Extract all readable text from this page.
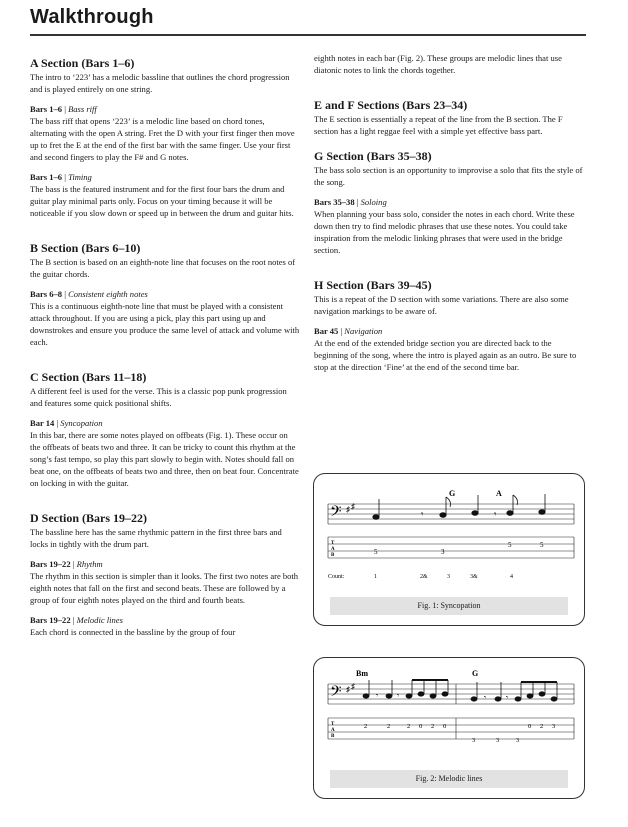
Walkthrough

A Section (Bars 1–6)

The intro to ‘223’ has a melodic bassline that outlines the chord progression and is played entirely on one string.

Bars 1–6 | Bass riff

The bass riff that opens ‘223’ is a melodic line based on chord tones, alternating with the open A string. Fret the D with your first finger then move up to fret the E at the end of the first bar with the same finger. Use your first and second fingers to play the F# and G notes.

Bars 1–6 | Timing

The bass is the featured instrument and for the first four bars the drum and guitar play minimal parts only. Focus on your timing because it will be noticeable if you slow down or speed up in between the drum and guitar hits.

B Section (Bars 6–10)

The B section is based on an eighth-note line that focuses on the root notes of the guitar chords.

Bars 6–8 | Consistent eighth notes

This is a continuous eighth-note line that must be played with a consistent attack throughout. If you are using a pick, play this part using up and downstrokes and ensure you produce the same level of attack and volume with each.

C Section (Bars 11–18)

A different feel is used for the verse. This is a classic pop punk progression and features some quick positional shifts.

Bar 14 | Syncopation

In this bar, there are some notes played on offbeats (Fig. 1). These occur on the offbeats of beats two and three. It can be tricky to count this rhythm at the song’s fast tempo, so play this part slowly to begin with. Notes should fall on beat one, on the offbeats of beats two and three, then on beat four. Concentrate on locking in with the guitar.

D Section (Bars 19–22)

The bassline here has the same rhythmic pattern in the first three bars and locks in tightly with the drum part.

Bars 19–22 | Rhythm

The rhythm in this section is simpler than it looks. The first two notes are both eighth notes that fall on the first and second beats. These are followed by a group of four eighth notes played on the third and fourth beats.

Bars 19–22 | Melodic lines

Each chord is connected in the bassline by the group of four

eighth notes in each bar (Fig. 2). These groups are melodic lines that use diatonic notes to link the chords together.

E and F Sections (Bars 23–34)

The E section is essentially a repeat of the line from the B section. The F section has a light reggae feel with a simple yet effective bass part.

G Section (Bars 35–38)

The bass solo section is an opportunity to improvise a solo that fits the style of the song.

Bars 35–38 | Soloing

When planning your bass solo, consider the notes in each chord. Write these down then try to find melodic phrases that use these notes. You could take inspiration from the melodic linking phrases that were used in the bridge section.

H Section (Bars 39–45)

This is a repeat of the D section with some variations. There are also some navigation markings to be aware of.

Bar 45 | Navigation

At the end of the extended bridge section you are directed back to the beginning of the song, where the intro is played again as an outro. Be sure to stop at the direction ‘Fine’ at the end of the second time bar.

G	A
𝄢 ♯ ♯
𝄾	𝄾
T
A
B	5	3
5	5
Count:	1	2&	3	3&	4
Fig. 1: Syncopation
Bm	G
𝄢 ♯ ♯
𝄾 𝄾	𝄾 𝄾
T
A
B
2	2	2 0 2 0
3	3	3
0 2 3
Fig. 2: Melodic lines
